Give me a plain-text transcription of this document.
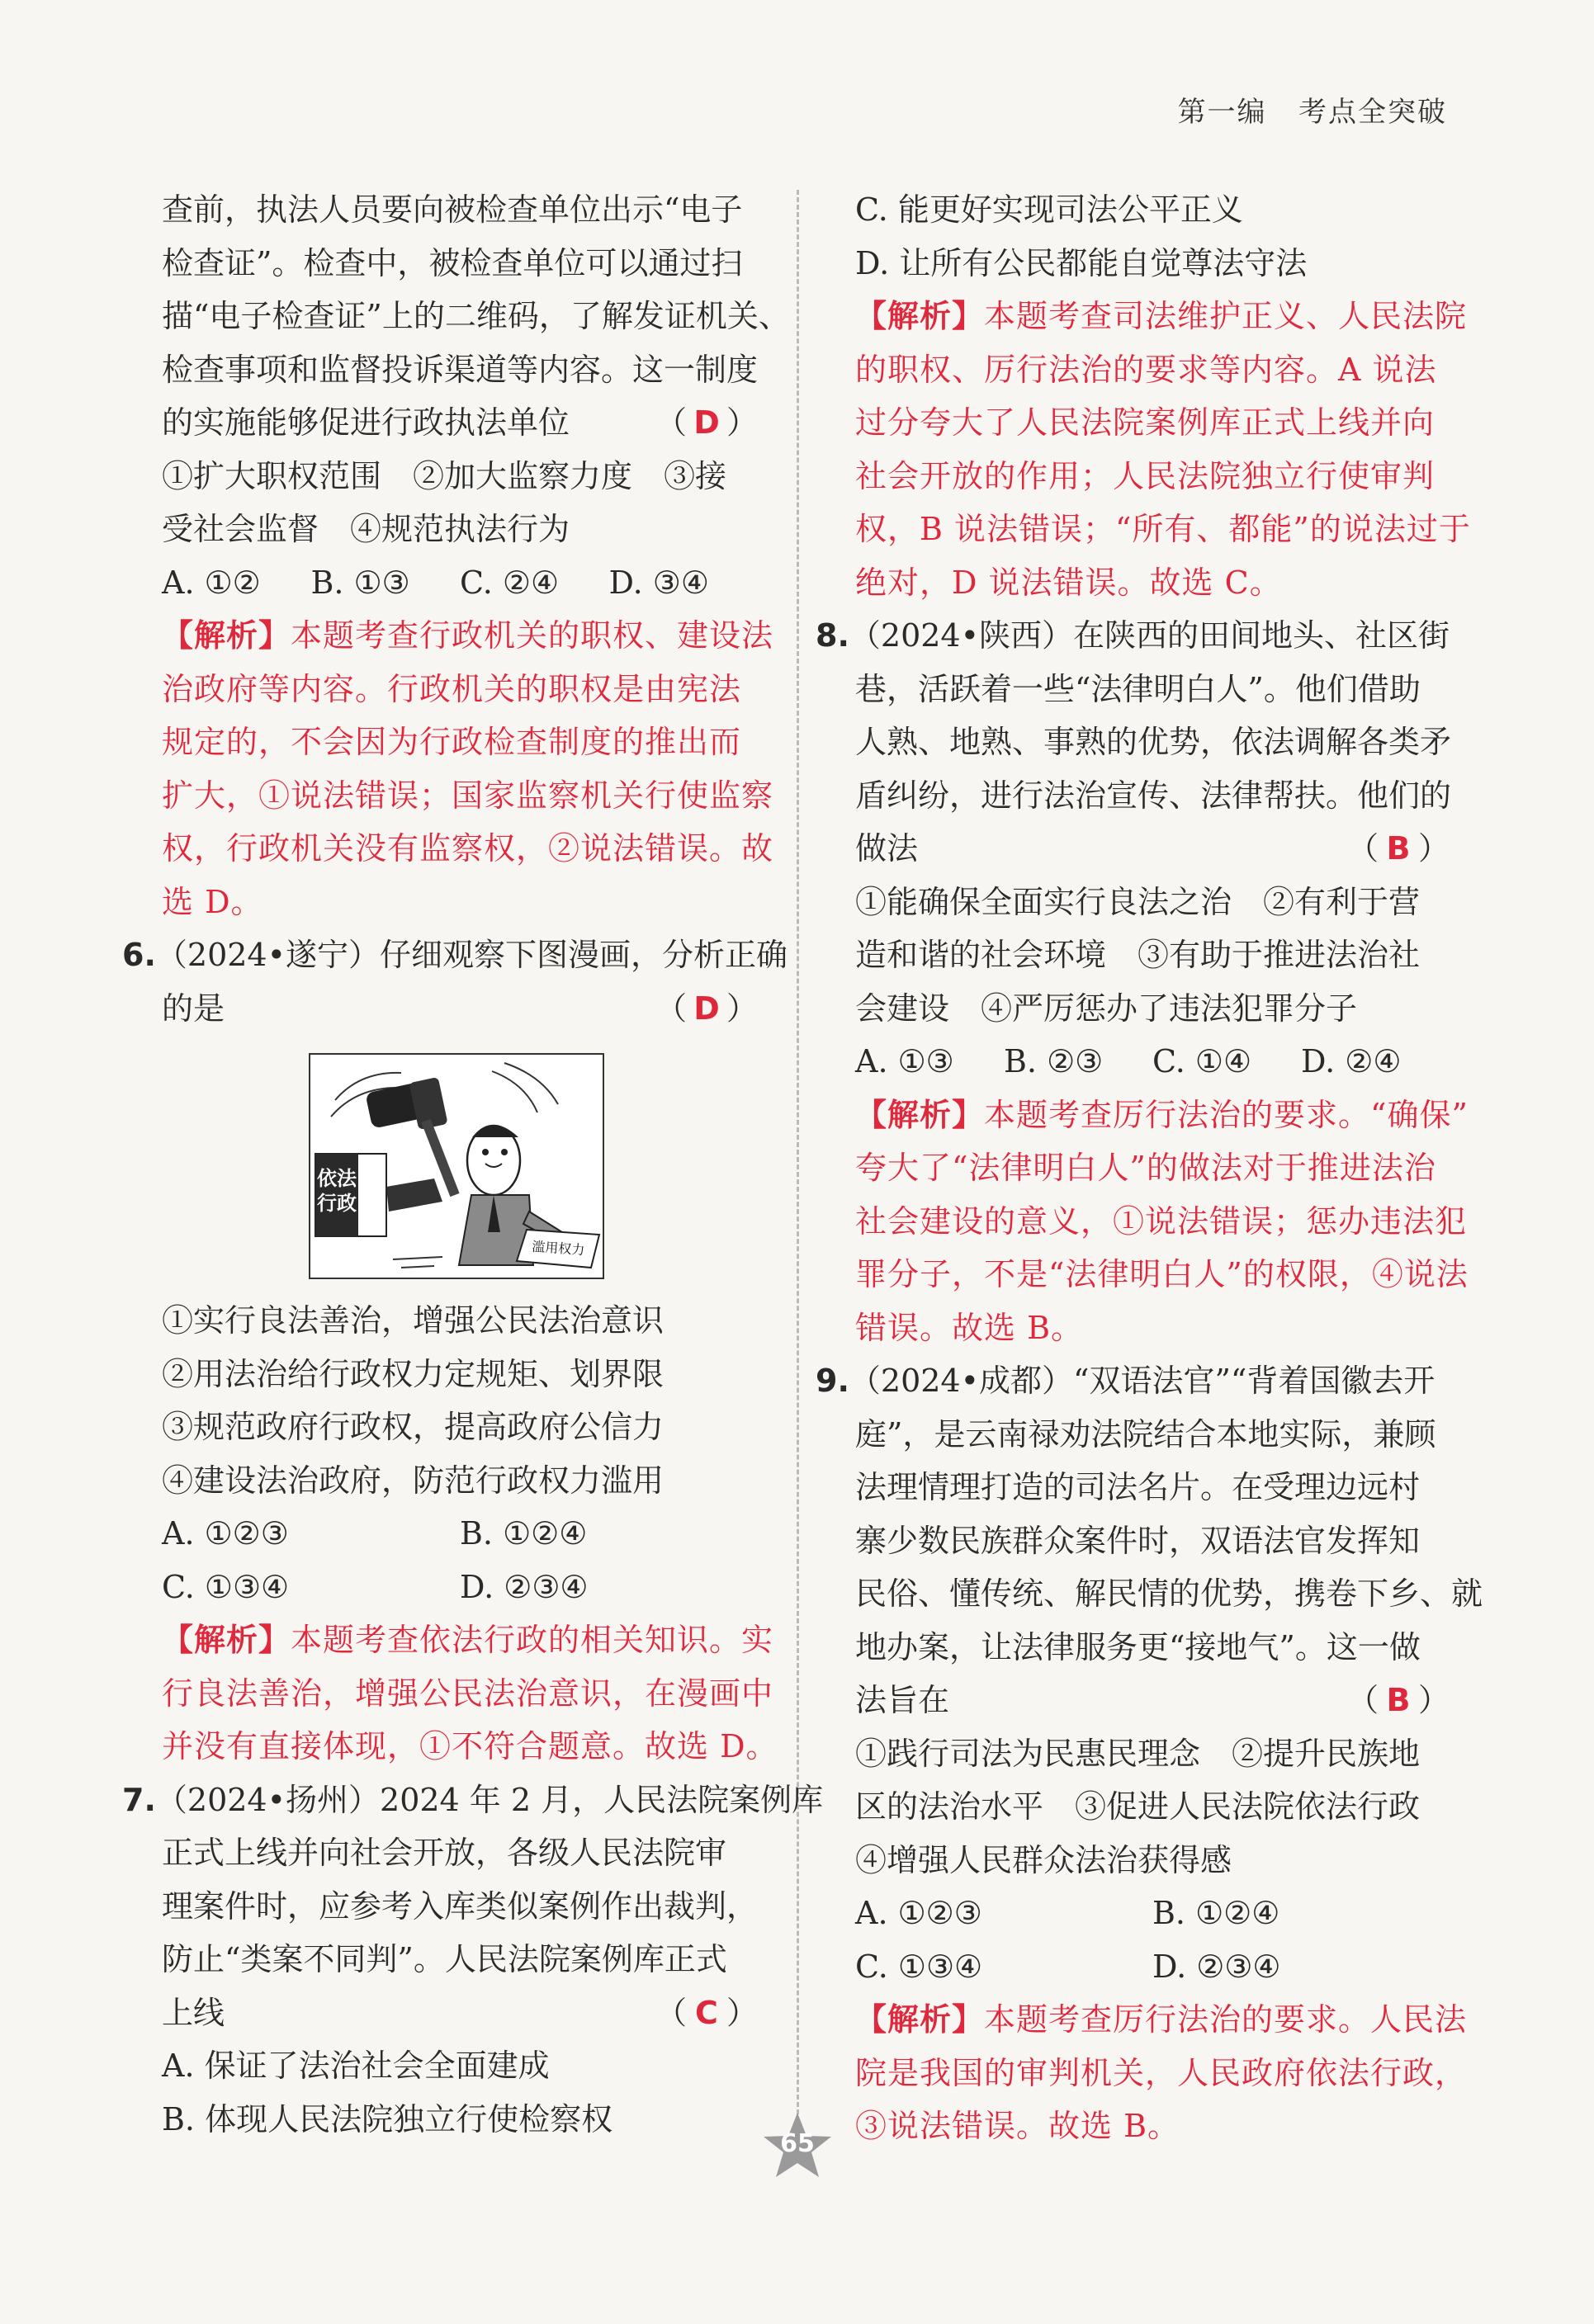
第一编 考点全突破
查前，执法人员要向被检查单位出示“电子
检查证”。检查中，被检查单位可以通过扫
描“电子检查证”上的二维码，了解发证机关、
检查事项和监督投诉渠道等内容。这一制度
的实施能够促进行政执法单位	（ D ）
①扩大职权范围　②加大监察力度　③接
受社会监督　④规范执法行为
A. ①②	B. ①③	C. ②④	D. ③④
【解析】本题考查行政机关的职权、建设法
治政府等内容。行政机关的职权是由宪法
规定的，不会因为行政检查制度的推出而
扩大，①说法错误；国家监察机关行使监察
权，行政机关没有监察权，②说法错误。故
选 D。
6.（2024•遂宁）仔细观察下图漫画，分析正确
的是	（ D ）
依法
行政
滥用权力
①实行良法善治，增强公民法治意识
②用法治给行政权力定规矩、划界限
③规范政府行政权，提高政府公信力
④建设法治政府，防范行政权力滥用
A. ①②③	B. ①②④
C. ①③④	D. ②③④
【解析】本题考查依法行政的相关知识。实
行良法善治，增强公民法治意识，在漫画中
并没有直接体现，①不符合题意。故选 D。
7.（2024•扬州）2024 年 2 月，人民法院案例库
正式上线并向社会开放，各级人民法院审
理案件时，应参考入库类似案例作出裁判，
防止“类案不同判”。人民法院案例库正式
上线	（ C ）
A. 保证了法治社会全面建成
B. 体现人民法院独立行使检察权
C. 能更好实现司法公平正义
D. 让所有公民都能自觉尊法守法
【解析】本题考查司法维护正义、人民法院
的职权、厉行法治的要求等内容。A 说法
过分夸大了人民法院案例库正式上线并向
社会开放的作用；人民法院独立行使审判
权，B 说法错误；“所有、都能”的说法过于
绝对，D 说法错误。故选 C。
8.（2024•陕西）在陕西的田间地头、社区街
巷，活跃着一些“法律明白人”。他们借助
人熟、地熟、事熟的优势，依法调解各类矛
盾纠纷，进行法治宣传、法律帮扶。他们的
做法	（ B ）
①能确保全面实行良法之治　②有利于营
造和谐的社会环境　③有助于推进法治社
会建设　④严厉惩办了违法犯罪分子
A. ①③	B. ②③	C. ①④	D. ②④
【解析】本题考查厉行法治的要求。“确保”
夸大了“法律明白人”的做法对于推进法治
社会建设的意义，①说法错误；惩办违法犯
罪分子，不是“法律明白人”的权限，④说法
错误。故选 B。
9.（2024•成都）“双语法官”“背着国徽去开
庭”，是云南禄劝法院结合本地实际，兼顾
法理情理打造的司法名片。在受理边远村
寨少数民族群众案件时，双语法官发挥知
民俗、懂传统、解民情的优势，携卷下乡、就
地办案，让法律服务更“接地气”。这一做
法旨在	（ B ）
①践行司法为民惠民理念　②提升民族地
区的法治水平　③促进人民法院依法行政
④增强人民群众法治获得感
A. ①②③	B. ①②④
C. ①③④	D. ②③④
【解析】本题考查厉行法治的要求。人民法
院是我国的审判机关，人民政府依法行政，
③说法错误。故选 B。
65
